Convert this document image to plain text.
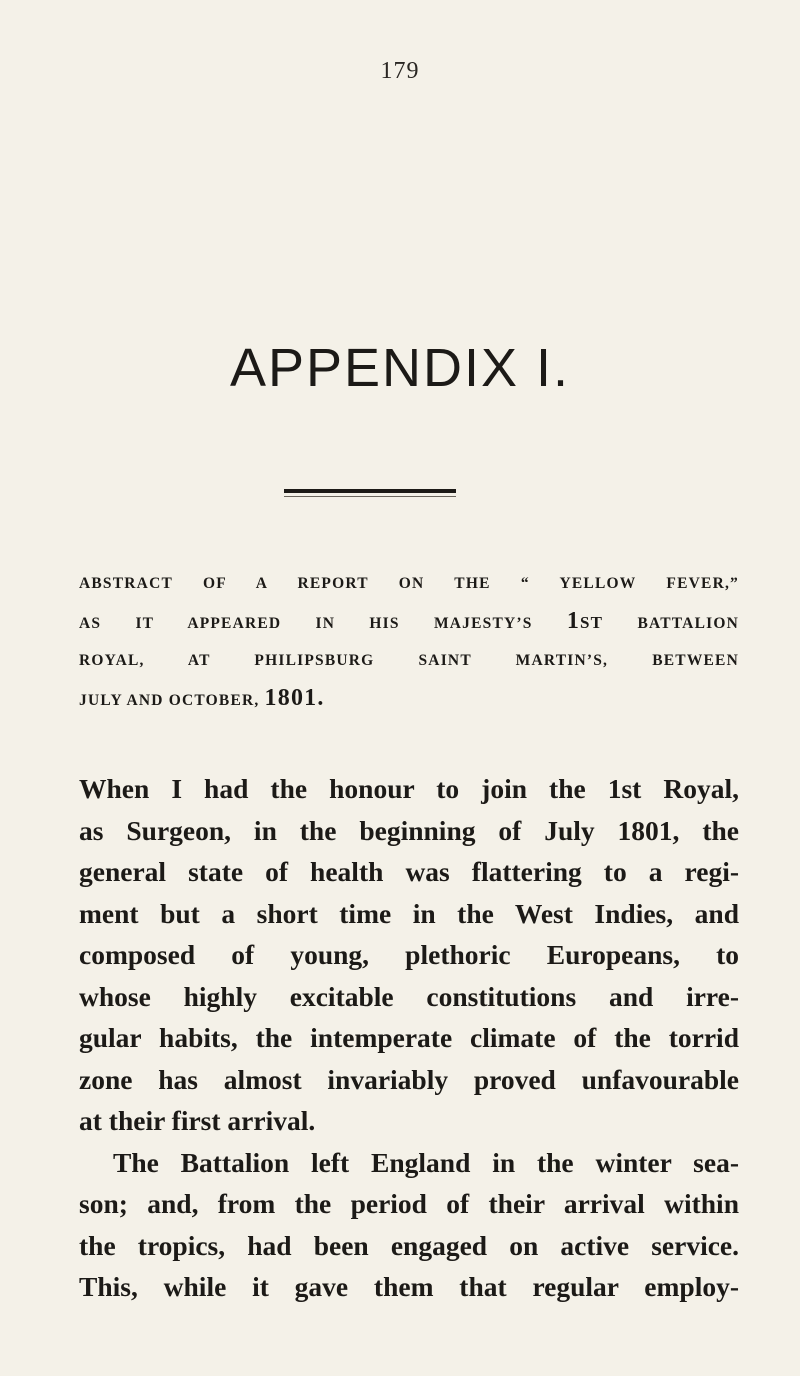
179
APPENDIX I.
ABSTRACT OF A REPORT ON THE “ YELLOW FEVER,”
AS IT APPEARED IN HIS MAJESTY’S 1st BATTALION
ROYAL, AT PHILIPSBURG SAINT MARTIN’S, BETWEEN
JULY AND OCTOBER, 1801.
When I had the honour to join the 1st Royal,
as Surgeon, in the beginning of July 1801, the
general state of health was flattering to a regi-
ment but a short time in the West Indies, and
composed of young, plethoric Europeans, to
whose highly excitable constitutions and irre-
gular habits, the intemperate climate of the torrid
zone has almost invariably proved unfavourable
at their first arrival.
The Battalion left England in the winter sea-
son; and, from the period of their arrival within
the tropics, had been engaged on active service.
This, while it gave them that regular employ-
